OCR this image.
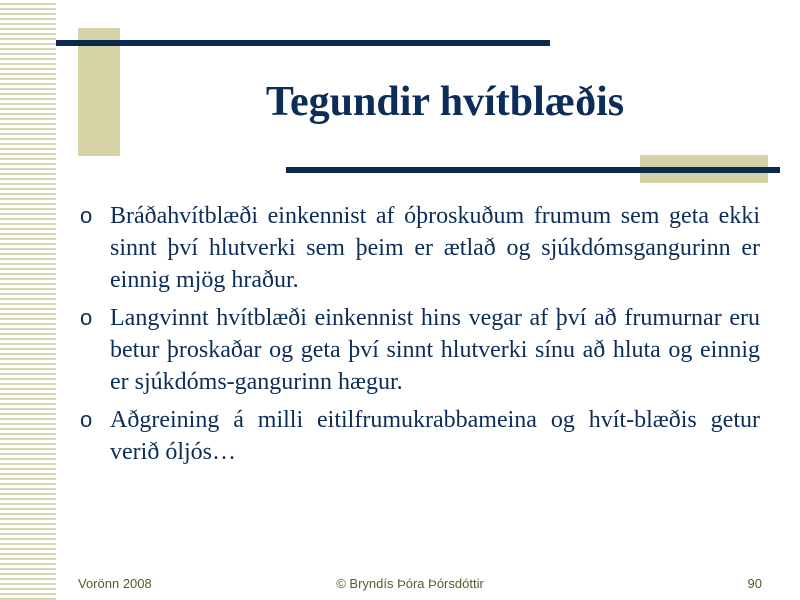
Tegundir hvítblæðis
o Bráðahvítblæði einkennist af óþroskuðum frumum sem geta ekki sinnt því hlutverki sem þeim er ætlað og sjúkdómsgangurinn er einnig mjög hraður.
o Langvinnt hvítblæði einkennist hins vegar af því að frumurnar eru betur þroskaðar og geta því sinnt hlutverki sínu að hluta og einnig er sjúkdóms-gangurinn hægur.
o Aðgreining á milli eitilfrumukrabbameina og hvít-blæðis getur verið óljós…
Vorönn 2008	© Bryndís Þóra Þórsdóttir	90
